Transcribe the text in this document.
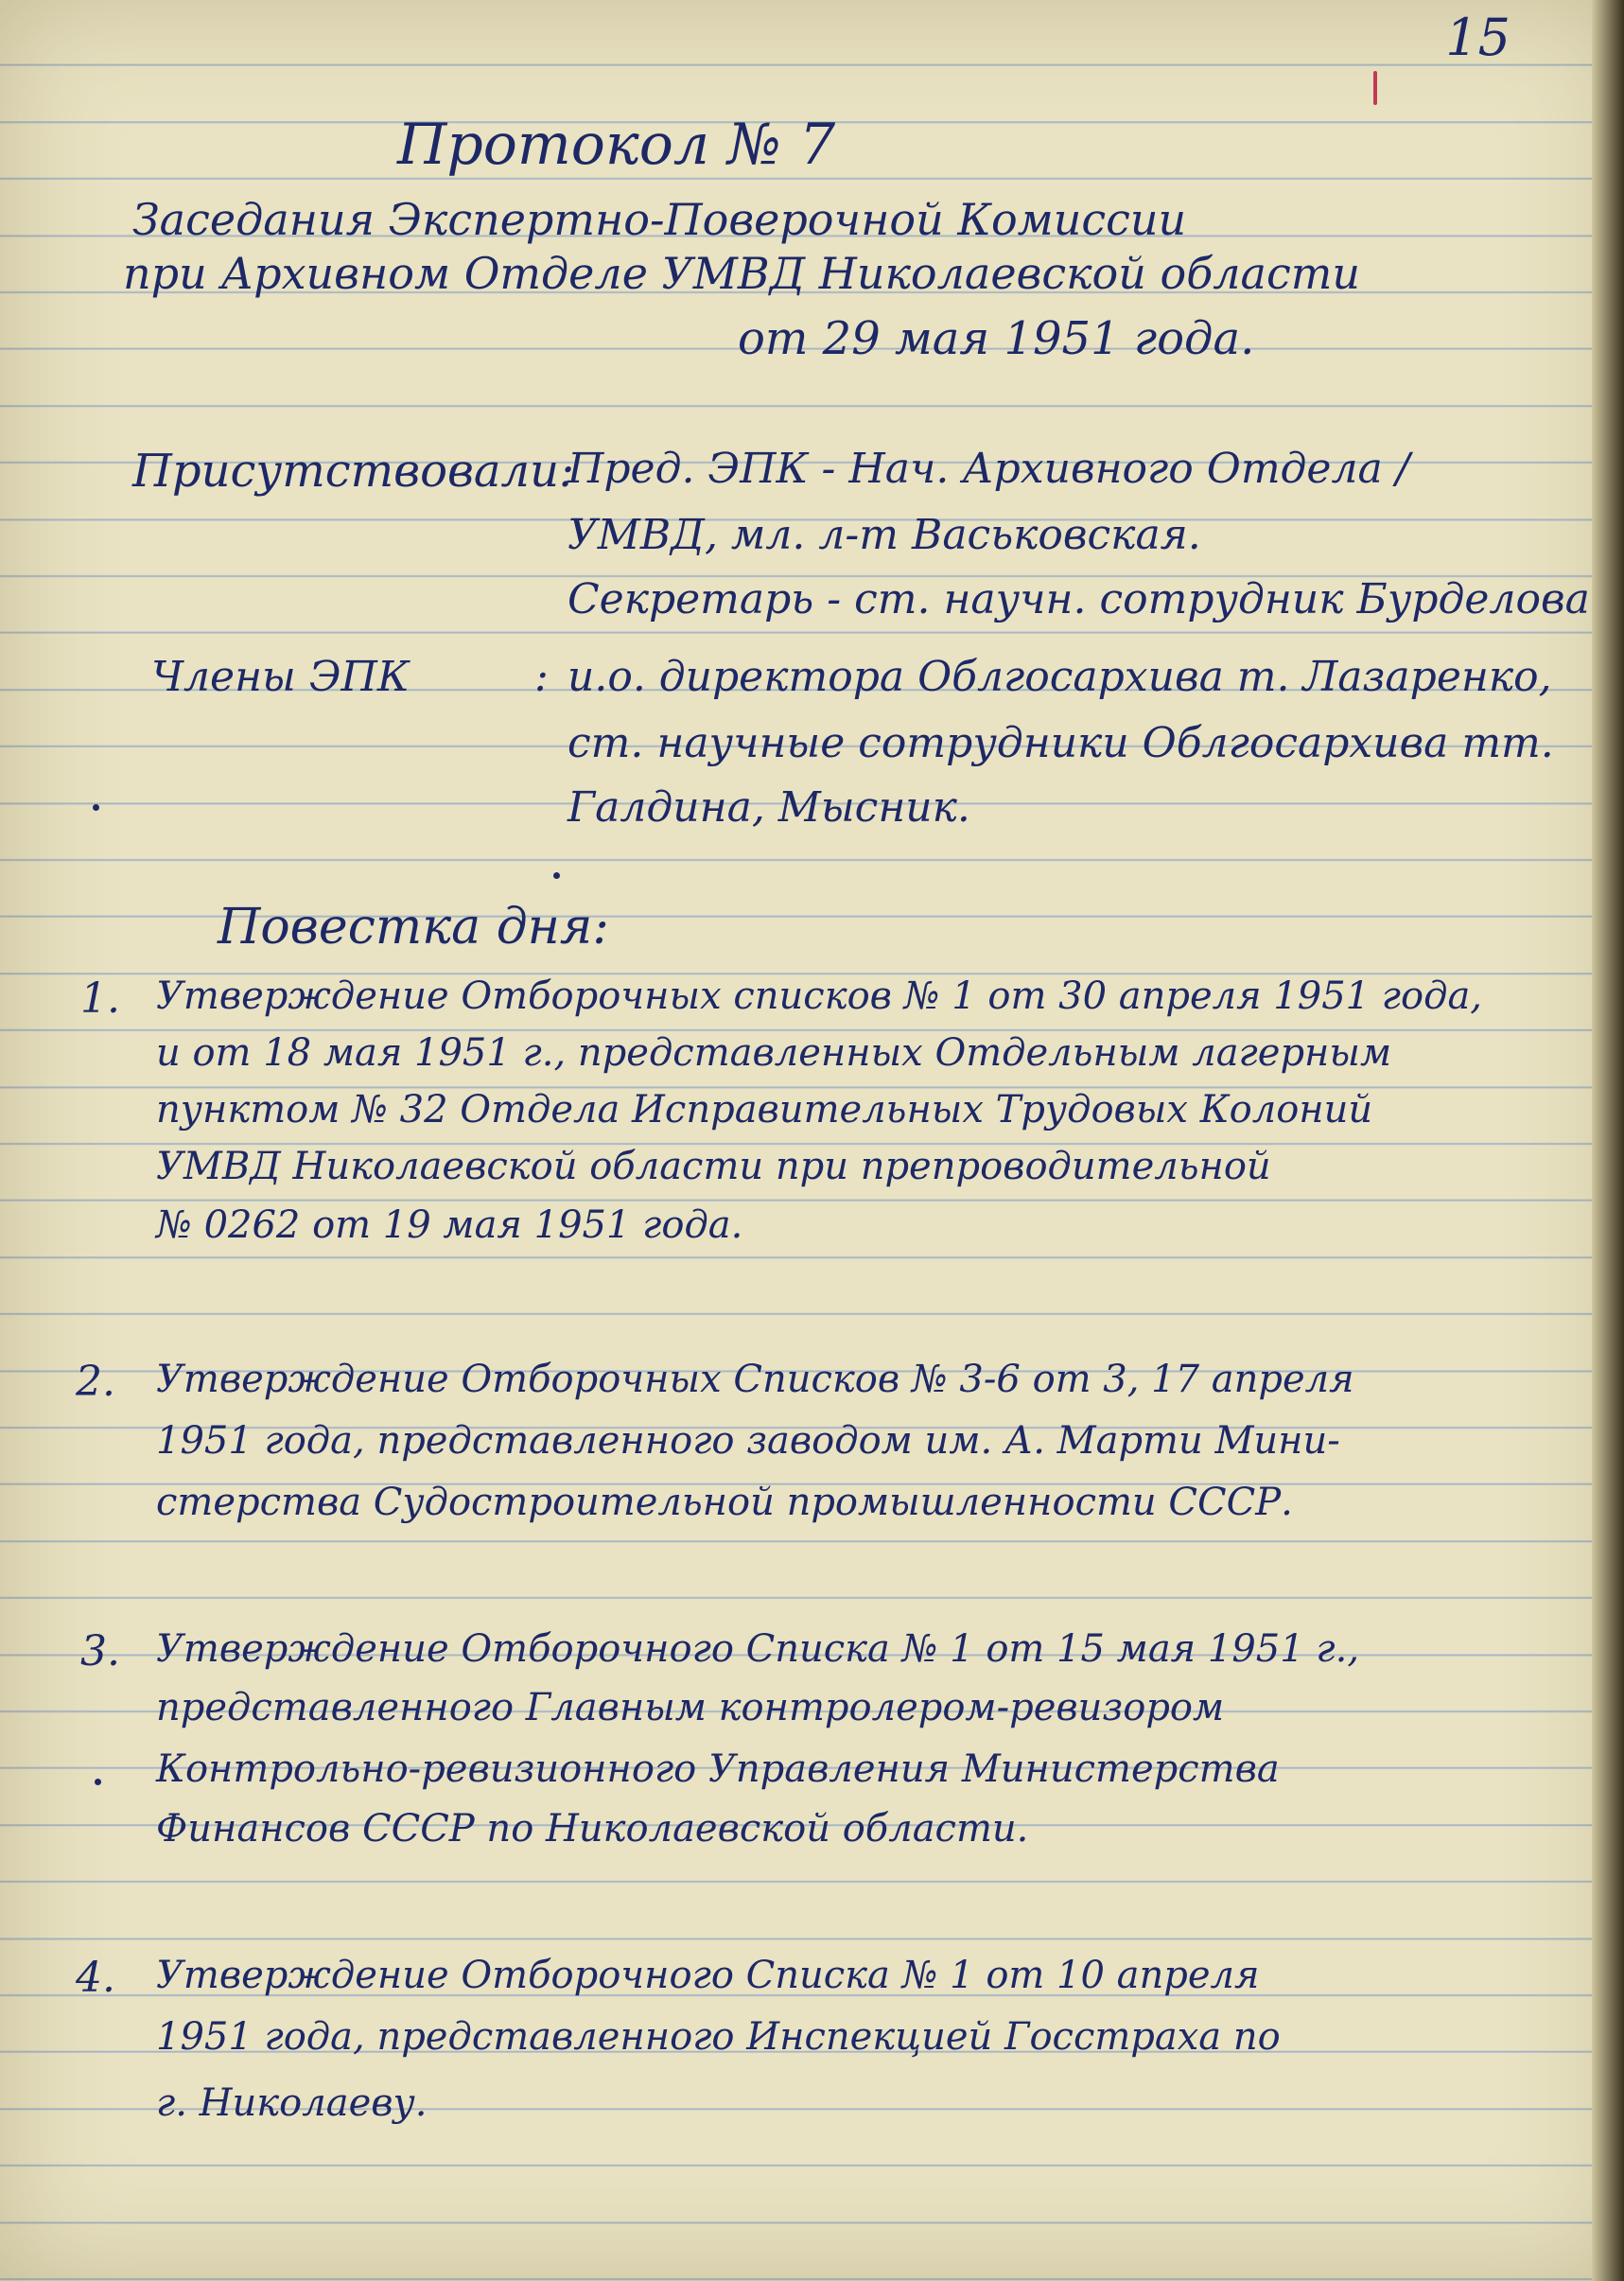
15
Протокол № 7
Заседания Экспертно-Поверочной Комиссии
при Архивном Отделе УМВД Николаевской области
от 29 мая 1951 года.
Присутствовали:
Пред. ЭПК - Нач. Архивного Отдела /
УМВД, мл. л-т Васьковская.
Секретарь - ст. научн. сотрудник Бурделова
Члены ЭПК	: и.о. директора Облгосархива т. Лазаренко,
ст. научные сотрудники Облгосархива тт.
Галдина, Мысник.
Повестка дня:
1. Утверждение Отборочных списков № 1 от 30 апреля 1951 года,
и от 18 мая 1951 г., представленных Отдельным лагерным
пунктом № 32 Отдела Исправительных Трудовых Колоний
УМВД Николаевской области при препроводительной
№ 0262 от 19 мая 1951 года.
2. Утверждение Отборочных Списков № 3-6 от 3, 17 апреля
1951 года, представленного заводом им. А. Марти Мини-
стерства Судостроительной промышленности СССР.
3. Утверждение Отборочного Списка № 1 от 15 мая 1951 г.,
представленного Главным контролером-ревизором
Контрольно-ревизионного Управления Министерства
Финансов СССР по Николаевской области.
4. Утверждение Отборочного Списка № 1 от 10 апреля
1951 года, представленного Инспекцией Госстраха по
г. Николаеву.
